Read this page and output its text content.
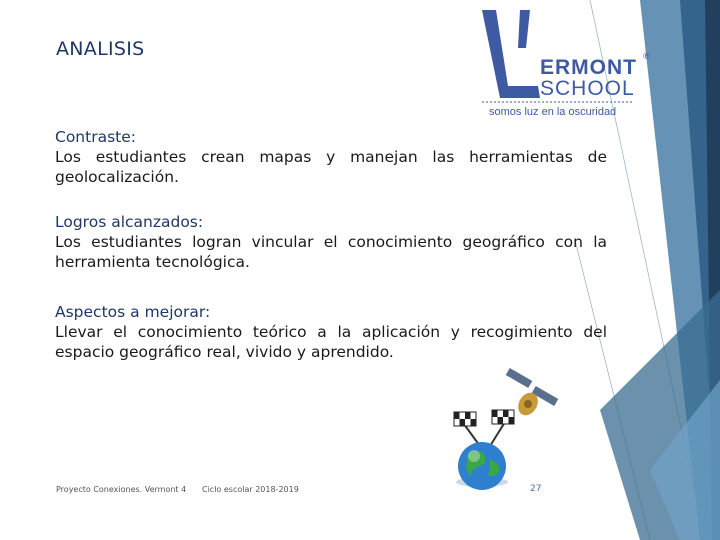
ANALISIS
ERMONT
SCHOOL
®
somos luz en la oscuridad
Contraste:
Los estudiantes crean mapas y manejan las herramientas de geolocalización.
Logros alcanzados:
Los estudiantes logran vincular el conocimiento geográfico con la herramienta tecnológica.
Aspectos a mejorar:
Llevar el conocimiento teórico a la aplicación y recogimiento del espacio geográfico real, vivido y aprendido.
Proyecto Conexiones. Vermont 4 Ciclo escolar 2018-2019	27
